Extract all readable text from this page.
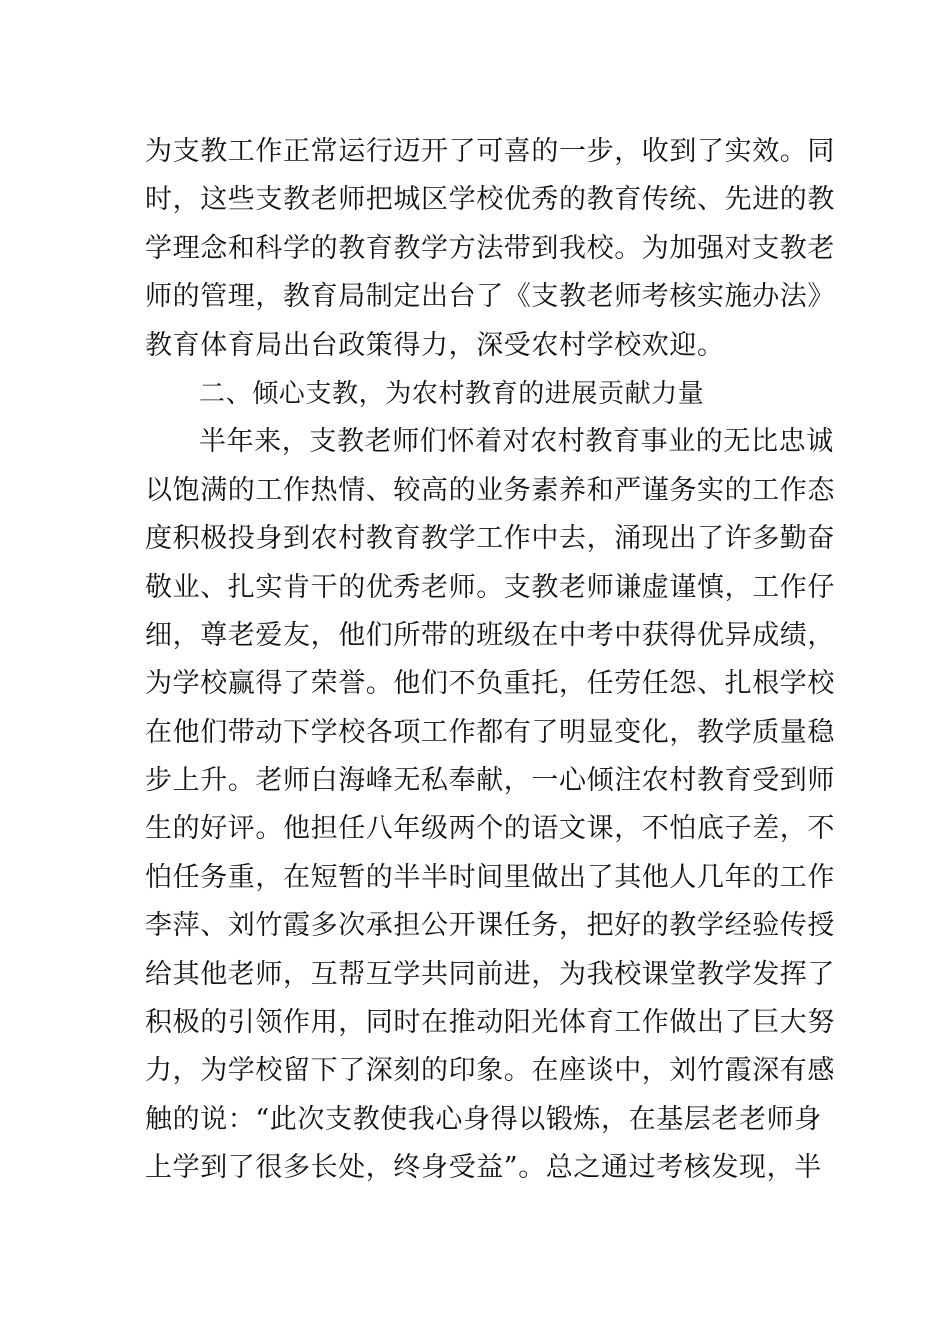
为支教工作正常运行迈开了可喜的一步，收到了实效。同
时，这些支教老师把城区学校优秀的教育传统、先进的教
学理念和科学的教育教学方法带到我校。为加强对支教老
师的管理，教育局制定出台了《支教老师考核实施办法》
教育体育局出台政策得力，深受农村学校欢迎。
二、倾心支教，为农村教育的进展贡献力量
半年来，支教老师们怀着对农村教育事业的无比忠诚
以饱满的工作热情、较高的业务素养和严谨务实的工作态
度积极投身到农村教育教学工作中去，涌现出了许多勤奋
敬业、扎实肯干的优秀老师。支教老师谦虚谨慎，工作仔
细，尊老爱友，他们所带的班级在中考中获得优异成绩，
为学校赢得了荣誉。他们不负重托，任劳任怨、扎根学校
在他们带动下学校各项工作都有了明显变化，教学质量稳
步上升。老师白海峰无私奉献，一心倾注农村教育受到师
生的好评。他担任八年级两个的语文课，不怕底子差，不
怕任务重，在短暂的半半时间里做出了其他人几年的工作
李萍、刘竹霞多次承担公开课任务，把好的教学经验传授
给其他老师，互帮互学共同前进，为我校课堂教学发挥了
积极的引领作用，同时在推动阳光体育工作做出了巨大努
力，为学校留下了深刻的印象。在座谈中，刘竹霞深有感
触的说：“此次支教使我心身得以锻炼，在基层老老师身
上学到了很多长处，终身受益”。总之通过考核发现，半
